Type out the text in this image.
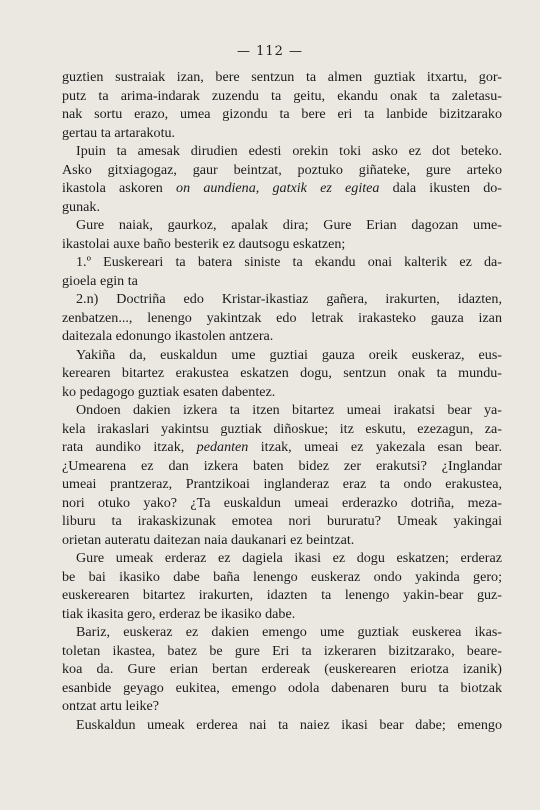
— 112 —
guztien sustraiak izan, bere sentzun ta almen guztiak itxartu, gor-
putz ta arima-indarak zuzendu ta geitu, ekandu onak ta zaletasu-
nak sortu erazo, umea gizondu ta bere eri ta lanbide bizitzarako
gertau ta artarakotu.
Ipuin ta amesak dirudien edesti orekin toki asko ez dot beteko.
Asko gitxiagogaz, gaur beintzat, poztuko giñateke, gure arteko
ikastola askoren on aundiena, gatxik ez egitea dala ikusten do-
gunak.
Gure naiak, gaurkoz, apalak dira; Gure Erian dagozan ume-
ikastolai auxe baño besterik ez dautsogu eskatzen;
1.º Euskereari ta batera siniste ta ekandu onai kalterik ez da-
gioela egin ta
2.n) Doctriña edo Kristar-ikastiaz gañera, irakurten, idazten,
zenbatzen..., lenengo yakintzak edo letrak irakasteko gauza izan
daitezala edonungo ikastolen antzera.
Yakiña da, euskaldun ume guztiai gauza oreik euskeraz, eus-
kerearen bitartez erakustea eskatzen dogu, sentzun onak ta mundu-
ko pedagogo guztiak esaten dabentez.
Ondoen dakien izkera ta itzen bitartez umeai irakatsi bear ya-
kela irakaslari yakintsu guztiak diñoskue; itz eskutu, ezezagun, za-
rata aundiko itzak, pedanten itzak, umeai ez yakezala esan bear.
¿Umearena ez dan izkera baten bidez zer erakutsi? ¿Inglandar
umeai prantzeraz, Prantzikoai inglanderaz eraz ta ondo erakustea,
nori otuko yako? ¿Ta euskaldun umeai erderazko dotriña, meza-
liburu ta irakaskizunak emotea nori bururatu? Umeak yakingai
orietan auteratu daitezan naia daukanari ez beintzat.
Gure umeak erderaz ez dagiela ikasi ez dogu eskatzen; erderaz
be bai ikasiko dabe baña lenengo euskeraz ondo yakinda gero;
euskerearen bitartez irakurten, idazten ta lenengo yakin-bear guz-
tiak ikasita gero, erderaz be ikasiko dabe.
Bariz, euskeraz ez dakien emengo ume guztiak euskerea ikas-
toletan ikastea, batez be gure Eri ta izkeraren bizitzarako, beare-
koa da. Gure erian bertan erdereak (euskerearen eriotza izanik)
esanbide geyago eukitea, emengo odola dabenaren buru ta biotzak
ontzat artu leike?
Euskaldun umeak erderea nai ta naiez ikasi bear dabe; emengo
